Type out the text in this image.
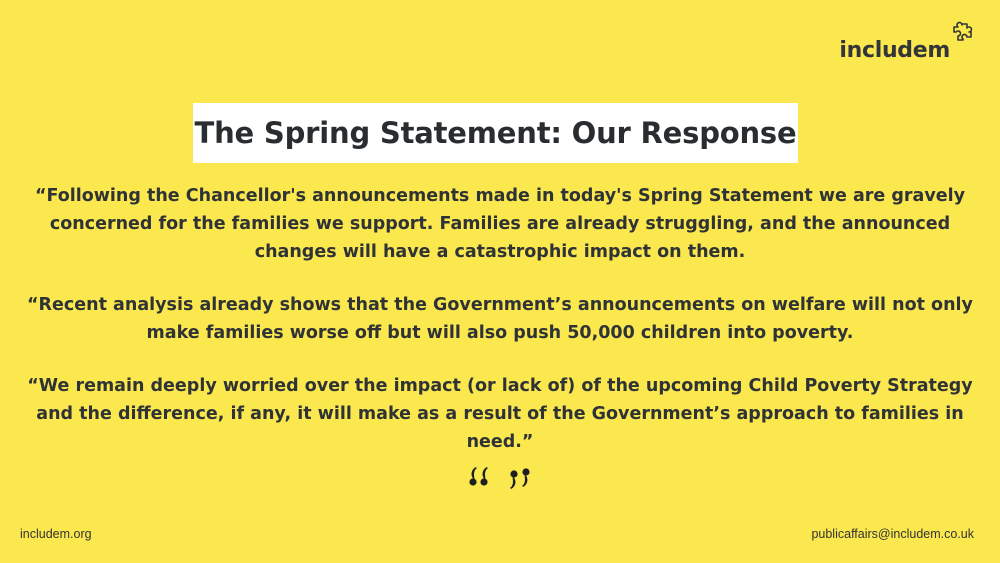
includem
The Spring Statement: Our Response

“Following the Chancellor's announcements made in today's Spring Statement we are gravely concerned for the families we support. Families are already struggling, and the announced changes will have a catastrophic impact on them.

“Recent analysis already shows that the Government’s announcements on welfare will not only make families worse off but will also push 50,000 children into poverty.

“We remain deeply worried over the impact (or lack of) of the upcoming Child Poverty Strategy and the difference, if any, it will make as a result of the Government’s approach to families in need.”

includem.org	publicaffairs@includem.co.uk
